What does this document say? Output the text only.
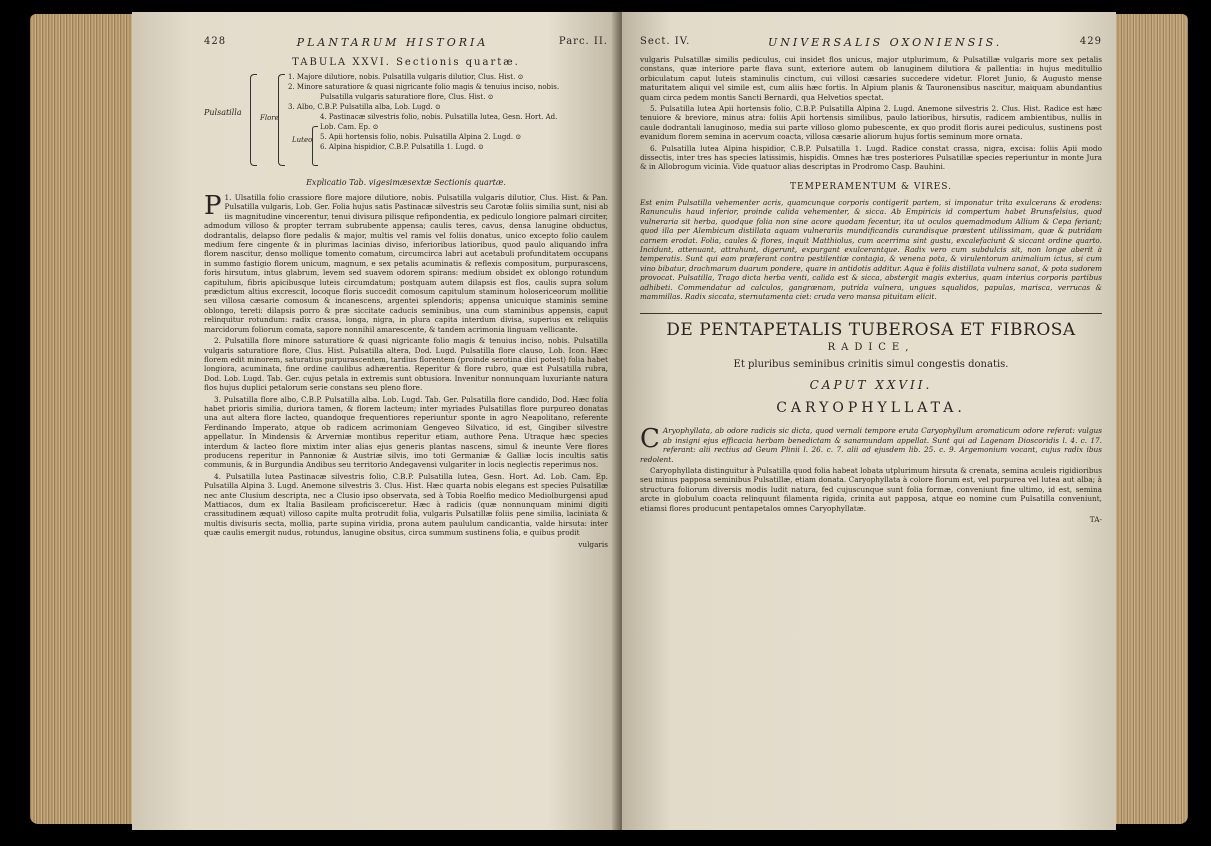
428	PLANTARUM HISTORIA	Parc. II.
TABULA XXVI. Sectionis quartæ.
Pulsatilla
Flore
Luteo
1. Majore dilutiore, nobis. Pulsatilla vulgaris dilutior, Clus. Hist. ⊙
2. Minore saturatiore & quasi nigricante folio magis & tenuius inciso, nobis.
Pulsatilla vulgaris saturatiore flore, Clus. Hist. ⊙
3. Albo, C.B.P. Pulsatilla alba, Lob. Lugd. ⊙
4. Pastinacæ silvestris folio, nobis. Pulsatilla lutea, Gesn. Hort. Ad.
Lob. Cam. Ep. ⊙
5. Apii hortensis folio, nobis. Pulsatilla Alpina 2. Lugd. ⊙
6. Alpina hispidior, C.B.P. Pulsatilla 1. Lugd. ⊙
Explicatio Tab. vigesimæsextæ Sectionis quartæ.

1.
P Ulsatilla folio crassiore flore majore dilutiore, nobis. Pulsatilla vulgaris dilutior, Clus. Hist. & Pan. Pulsatilla vulgaris, Lob. Ger. Folia hujus satis Pastinacæ silvestris seu Carotæ foliis similia sunt, nisi ab iis magnitudine vincerentur, tenui divisura pilisque refipondentia, ex pediculo longiore palmari circiter, admodum villoso & propter terram subrubente appensa; caulis teres, cavus, densa lanugine obductus, dodrantalis, delapso flore pedalis & major, multis vel ramis vel foliis donatus, unico excepto folio caulem medium fere cingente & in plurimas lacinias diviso, inferioribus latioribus, quod paulo aliquando infra florem nascitur, denso mollique tomento comatum, circumcirca labri aut acetabuli profunditatem occupans in summo fastigio florem unicum, magnum, e sex petalis acuminatis & reflexis compositum, purpurascens, foris hirsutum, intus glabrum, levem sed suavem odorem spirans: medium obsidet ex oblongo rotundum capitulum, fibris apicibusque luteis circumdatum; postquam autem dilapsis est flos, caulis supra solum prædictum altius excrescit, locoque floris succedit comosum capitulum staminum holosericeorum mollitie seu villosa cæsarie comosum & incanescens, argentei splendoris; appensa unicuique staminis semine oblongo, tereti: dilapsis porro & præ siccitate caducis seminibus, una cum staminibus appensis, caput relinquitur rotundum: radix crassa, longa, nigra, in plura capita interdum divisa, superius ex reliquiis marcidorum foliorum comata, sapore nonnihil amarescente, & tandem acrimonia linguam vellicante.

2. Pulsatilla flore minore saturatiore & quasi nigricante folio magis & tenuius inciso, nobis. Pulsatilla vulgaris saturatiore flore, Clus. Hist. Pulsatilla altera, Dod. Lugd. Pulsatilla flore clauso, Lob. Icon. Hæc florem edit minorem, saturatius purpurascentem, tardius florentem (proinde serotina dici potest) folia habet longiora, acuminata, fine ordine caulibus adhærentia. Reperitur & flore rubro, quæ est Pulsatilla rubra, Dod. Lob. Lugd. Tab. Ger. cujus petala in extremis sunt obtusiora. Invenitur nonnunquam luxuriante natura flos hujus duplici petalorum serie constans seu pleno flore.

3. Pulsatilla flore albo, C.B.P. Pulsatilla alba. Lob. Lugd. Tab. Ger. Pulsatilla flore candido, Dod. Hæc folia habet prioris similia, duriora tamen, & florem lacteum; inter myriades Pulsatillas flore purpureo donatas una aut altera flore lacteo, quandoque frequentiores reperiuntur sponte in agro Neapolitano, referente Ferdinando Imperato, atque ob radicem acrimoniam Gengeveo Silvatico, id est, Gingiber silvestre appellatur. In Mindensis & Arverniæ montibus reperitur etiam, authore Pena. Utraque hæc species interdum & lacteo flore mixtim inter alias ejus generis plantas nascens, simul & ineunte Vere flores producens reperitur in Pannoniæ & Austriæ silvis, imo toti Germaniæ & Galliæ locis incultis satis communis, & in Burgundia Andibus seu territorio Andegavensi vulgariter in locis neglectis reperimus nos.

4. Pulsatilla lutea Pastinacæ silvestris folio, C.B.P. Pulsatilla lutea, Gesn. Hort. Ad. Lob. Cam. Ep. Pulsatilla Alpina 3. Lugd. Anemone silvestris 3. Clus. Hist. Hæc quarta nobis elegans est species Pulsatillæ nec ante Clusium descripta, nec a Clusio ipso observata, sed à Tobia Roelfio medico Mediolburgensi apud Mattiacos, dum ex Italia Basileam proficisceretur. Hæc à radicis (quæ nonnunquam minimi digiti crassitudinem æquat) villoso capite multa protrudit folia, vulgaris Pulsatillæ foliis pene similia, laciniata & multis divisuris secta, mollia, parte supina viridia, prona autem paululum candicantia, valde hirsuta: inter quæ caulis emergit nudus, rotundus, lanugine obsitus, circa summum sustinens folia, e quibus prodit

vulgaris
Sect. IV.	UNIVERSALIS OXONIENSIS.	429

vulgaris Pulsatillæ similis pediculus, cui insidet flos unicus, major utplurimum, & Pulsatillæ vulgaris more sex petalis constans, quæ interiore parte flava sunt, exteriore autem ob lanuginem dilutiora & pallentia: in hujus meditullio orbiculatum caput luteis staminulis cinctum, cui villosi cæsaries succedere videtur. Floret Junio, & Augusto mense maturitatem aliqui vel simile est, cum aliis hæc fortis. In Alpium planis & Tauronensibus nascitur, maiquam abundantius quam circa pedem montis Sancti Bernardi, qua Helvetios spectat.

5. Pulsatilla lutea Apii hortensis folio, C.B.P. Pulsatilla Alpina 2. Lugd. Anemone silvestris 2. Clus. Hist. Radice est hæc tenuiore & breviore, minus atra: foliis Apii hortensis similibus, paulo latioribus, hirsutis, radicem ambientibus, nullis in caule dodrantali lanuginoso, media sui parte villoso glomo pubescente, ex quo prodit floris aurei pediculus, sustinens post evanidum florem semina in acervum coacta, villosa cæsarie aliorum hujus fortis seminum more ornata.

6. Pulsatilla lutea Alpina hispidior, C.B.P. Pulsatilla 1. Lugd. Radice constat crassa, nigra, excisa: foliis Apii modo dissectis, inter tres has species latissimis, hispidis. Omnes hæ tres posteriores Pulsatillæ species reperiuntur in monte Jura & in Allobrogum vicinia. Vide quatuor alias descriptas in Prodromo Casp. Bauhini.

TEMPERAMENTUM & VIRES.

Est enim Pulsatilla vehementer acris, quamcunque corporis contigerit partem, si imponatur trita exulcerans & erodens: Ranunculis haud inferior, proinde calida vehementer, & sicca. Ab Empiricis id compertum habet Brunsfelsius, quod vulneraria sit herba, quodque folia non sine acore quodam fecentur, ita ut oculos quemadmodum Allium & Cepa feriant; quod illa per Alembicum distillata aquam vulnerariis mundificandis curandisque præstent utilissimam, quæ & putridam carnem erodat. Folia, caules & flores, inquit Matthiolus, cum acerrima sint gustu, excalefaciunt & siccant ordine quarto. Incidunt, attenuant, attrahunt, digerunt, expurgant exulcerantque. Radix vero cum subdulcis sit, non longe aberit à temperatis. Sunt qui eam præferant contra pestilentiæ contagia, & venena pota, & virulentorum animalium ictus, si cum vino bibatur, drachmarum duarum pondere, quare in antidotis additur. Aqua è foliis distillata vulnera sanat, & pota sudorem provocat. Pulsatilla, Trago dicta herba venti, calida est & sicca, abstergit magis exterius, quam interius corporis partibus adhibeti. Commendatur ad calculos, gangrænam, putrida vulnera, ungues squalidos, papulas, marisca, verrucas & mammillas. Radix siccata, sternutamenta ciet: cruda vero mansa pituitam elicit.

DE PENTAPETALIS TUBEROSA ET FIBROSA
RADICE,
Et pluribus seminibus crinitis simul congestis donatis.
CAPUT XXVII.
CARYOPHYLLATA.

C Aryophyllata, ab odore radicis sic dicta, quod vernali tempore eruta Caryophyllum aromaticum odore referat: vulgus ab insigni ejus efficacia herbam benedictam & sanamundam appellat. Sunt qui ad Lagenam Dioscoridis l. 4. c. 17. referant: alii rectius ad Geum Plinii l. 26. c. 7. alii ad ejusdem lib. 25. c. 9. Argemonium vocant, cujus radix ibus redolent.

Caryophyllata distinguitur à Pulsatilla quod folia habeat lobata utplurimum hirsuta & crenata, semina aculeis rigidioribus seu minus papposa seminibus Pulsatillæ, etiam donata. Caryophyllata à colore florum est, vel purpurea vel lutea aut alba; à structura foliorum diversis modis ludit natura, fed cujuscunque sunt folia formæ, conveniunt fine ultimo, id est, semina arcte in globulum coacta relinquunt filamenta rigida, crinita aut papposa, atque eo nomine cum Pulsatilla conveniunt, etiamsi flores producunt pentapetalos omnes Caryophyllatæ.

TA-
